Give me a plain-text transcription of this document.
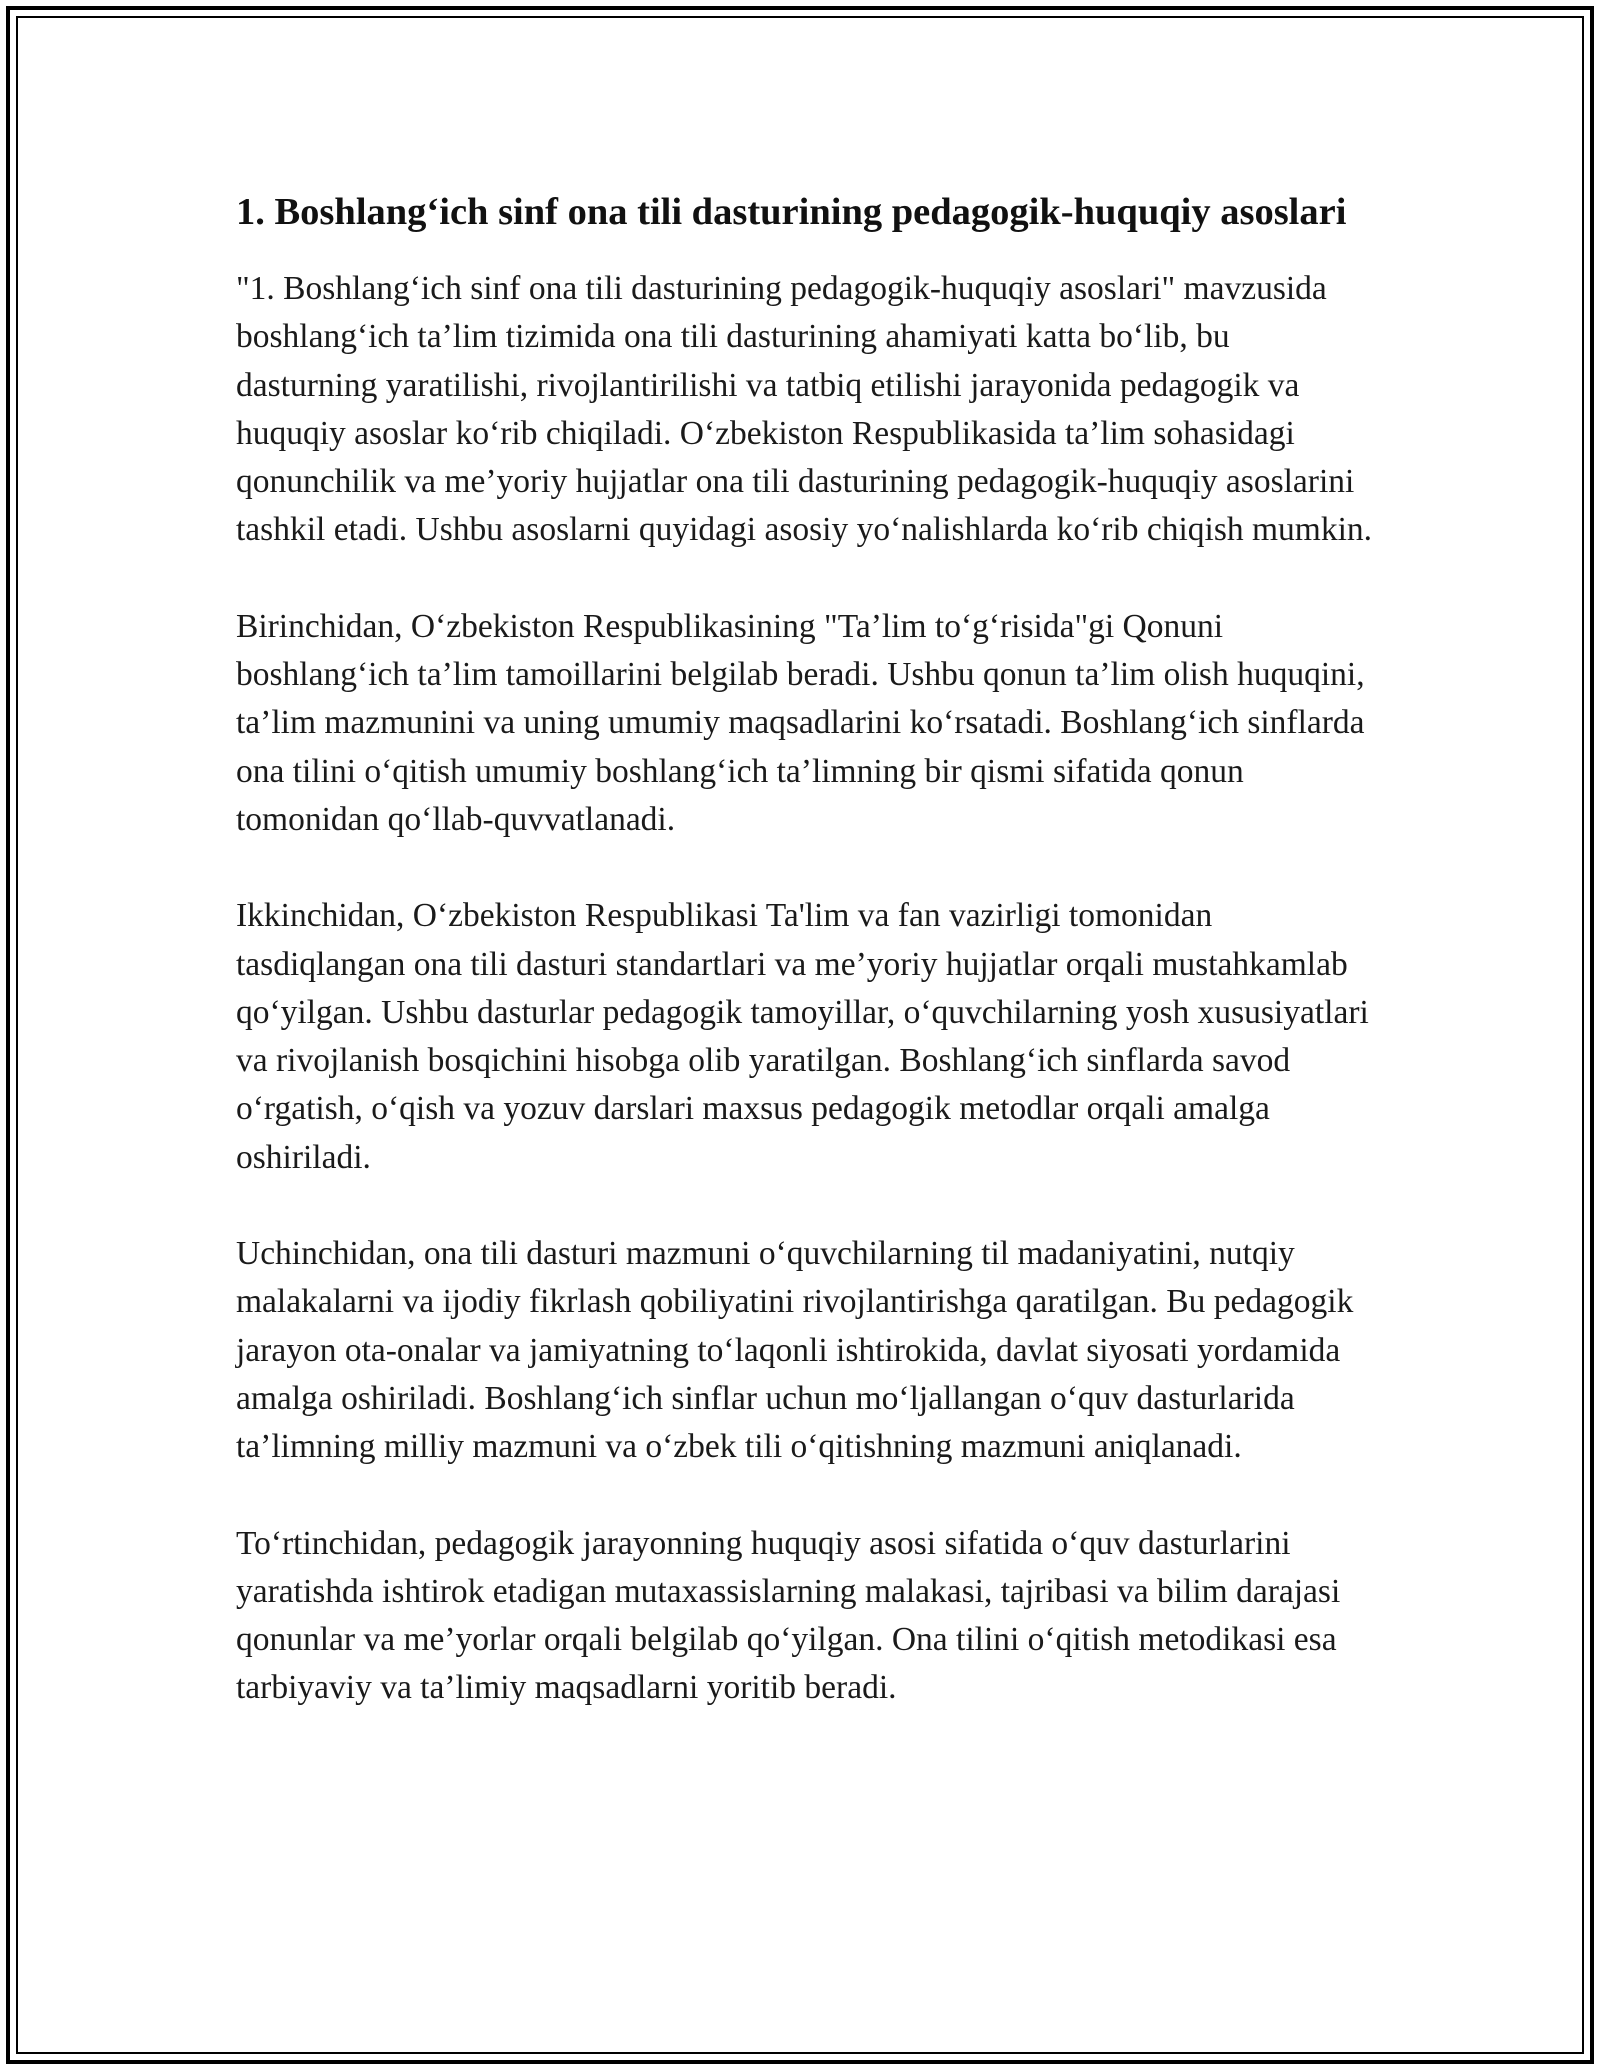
1. Boshlang‘ich sinf ona tili dasturining pedagogik-huquqiy asoslari

"1. Boshlang‘ich sinf ona tili dasturining pedagogik-huquqiy asoslari" mavzusida boshlang‘ich ta’lim tizimida ona tili dasturining ahamiyati katta bo‘lib, bu dasturning yaratilishi, rivojlantirilishi va tatbiq etilishi jarayonida pedagogik va huquqiy asoslar ko‘rib chiqiladi. O‘zbekiston Respublikasida ta’lim sohasidagi qonunchilik va me’yoriy hujjatlar ona tili dasturining pedagogik-huquqiy asoslarini tashkil etadi. Ushbu asoslarni quyidagi asosiy yo‘nalishlarda ko‘rib chiqish mumkin.

Birinchidan, O‘zbekiston Respublikasining "Ta’lim to‘g‘risida"gi Qonuni boshlang‘ich ta’lim tamoillarini belgilab beradi. Ushbu qonun ta’lim olish huquqini, ta’lim mazmunini va uning umumiy maqsadlarini ko‘rsatadi. Boshlang‘ich sinflarda ona tilini o‘qitish umumiy boshlang‘ich ta’limning bir qismi sifatida qonun tomonidan qo‘llab-quvvatlanadi.

Ikkinchidan, O‘zbekiston Respublikasi Ta'lim va fan vazirligi tomonidan tasdiqlangan ona tili dasturi standartlari va me’yoriy hujjatlar orqali mustahkamlab qo‘yilgan. Ushbu dasturlar pedagogik tamoyillar, o‘quvchilarning yosh xususiyatlari va rivojlanish bosqichini hisobga olib yaratilgan. Boshlang‘ich sinflarda savod o‘rgatish, o‘qish va yozuv darslari maxsus pedagogik metodlar orqali amalga oshiriladi.

Uchinchidan, ona tili dasturi mazmuni o‘quvchilarning til madaniyatini, nutqiy malakalarni va ijodiy fikrlash qobiliyatini rivojlantirishga qaratilgan. Bu pedagogik jarayon ota-onalar va jamiyatning to‘laqonli ishtirokida, davlat siyosati yordamida amalga oshiriladi. Boshlang‘ich sinflar uchun mo‘ljallangan o‘quv dasturlarida ta’limning milliy mazmuni va o‘zbek tili o‘qitishning mazmuni aniqlanadi.

To‘rtinchidan, pedagogik jarayonning huquqiy asosi sifatida o‘quv dasturlarini yaratishda ishtirok etadigan mutaxassislarning malakasi, tajribasi va bilim darajasi qonunlar va me’yorlar orqali belgilab qo‘yilgan. Ona tilini o‘qitish metodikasi esa tarbiyaviy va ta’limiy maqsadlarni yoritib beradi.
